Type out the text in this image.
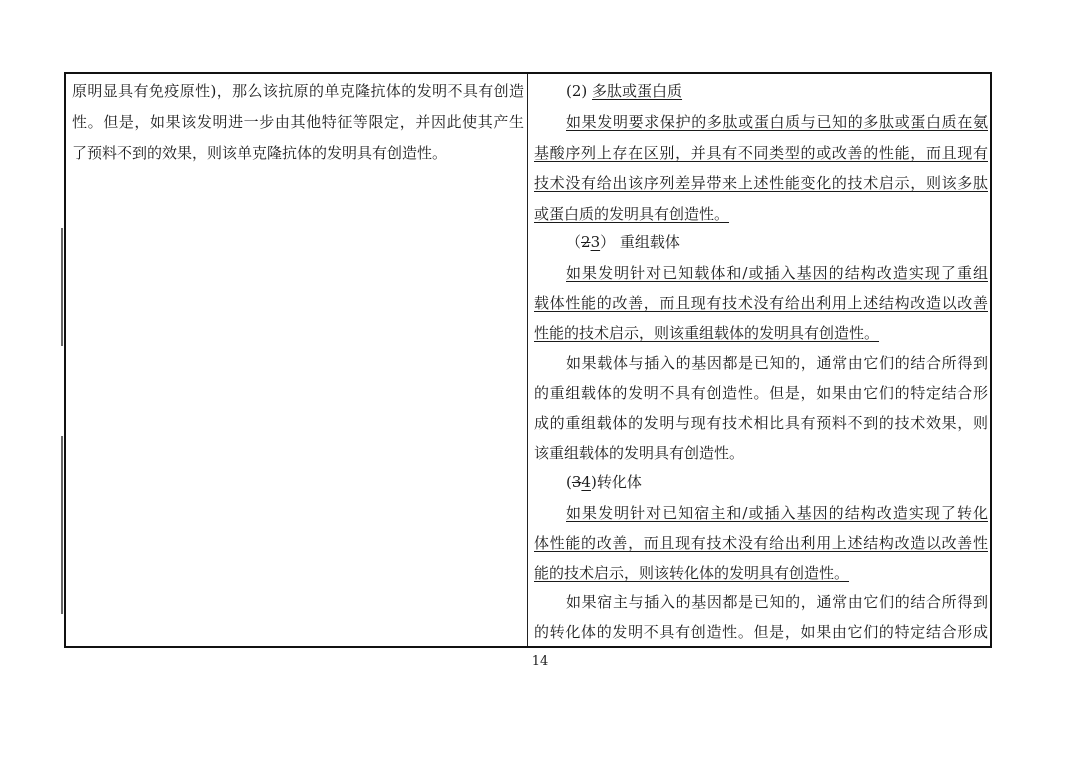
原明显具有免疫原性)，那么该抗原的单克隆抗体的发明不具有创造
性。但是，如果该发明进一步由其他特征等限定，并因此使其产生
了预料不到的效果，则该单克隆抗体的发明具有创造性。
(2) 多肽或蛋白质
如果发明要求保护的多肽或蛋白质与已知的多肽或蛋白质在氨
基酸序列上存在区别，并具有不同类型的或改善的性能，而且现有
技术没有给出该序列差异带来上述性能变化的技术启示，则该多肽
或蛋白质的发明具有创造性。
（23） 重组载体
如果发明针对已知载体和/或插入基因的结构改造实现了重组
载体性能的改善，而且现有技术没有给出利用上述结构改造以改善
性能的技术启示，则该重组载体的发明具有创造性。
如果载体与插入的基因都是已知的，通常由它们的结合所得到
的重组载体的发明不具有创造性。但是，如果由它们的特定结合形
成的重组载体的发明与现有技术相比具有预料不到的技术效果，则
该重组载体的发明具有创造性。
(34)转化体
如果发明针对已知宿主和/或插入基因的结构改造实现了转化
体性能的改善，而且现有技术没有给出利用上述结构改造以改善性
能的技术启示，则该转化体的发明具有创造性。
如果宿主与插入的基因都是已知的，通常由它们的结合所得到
的转化体的发明不具有创造性。但是，如果由它们的特定结合形成
14
